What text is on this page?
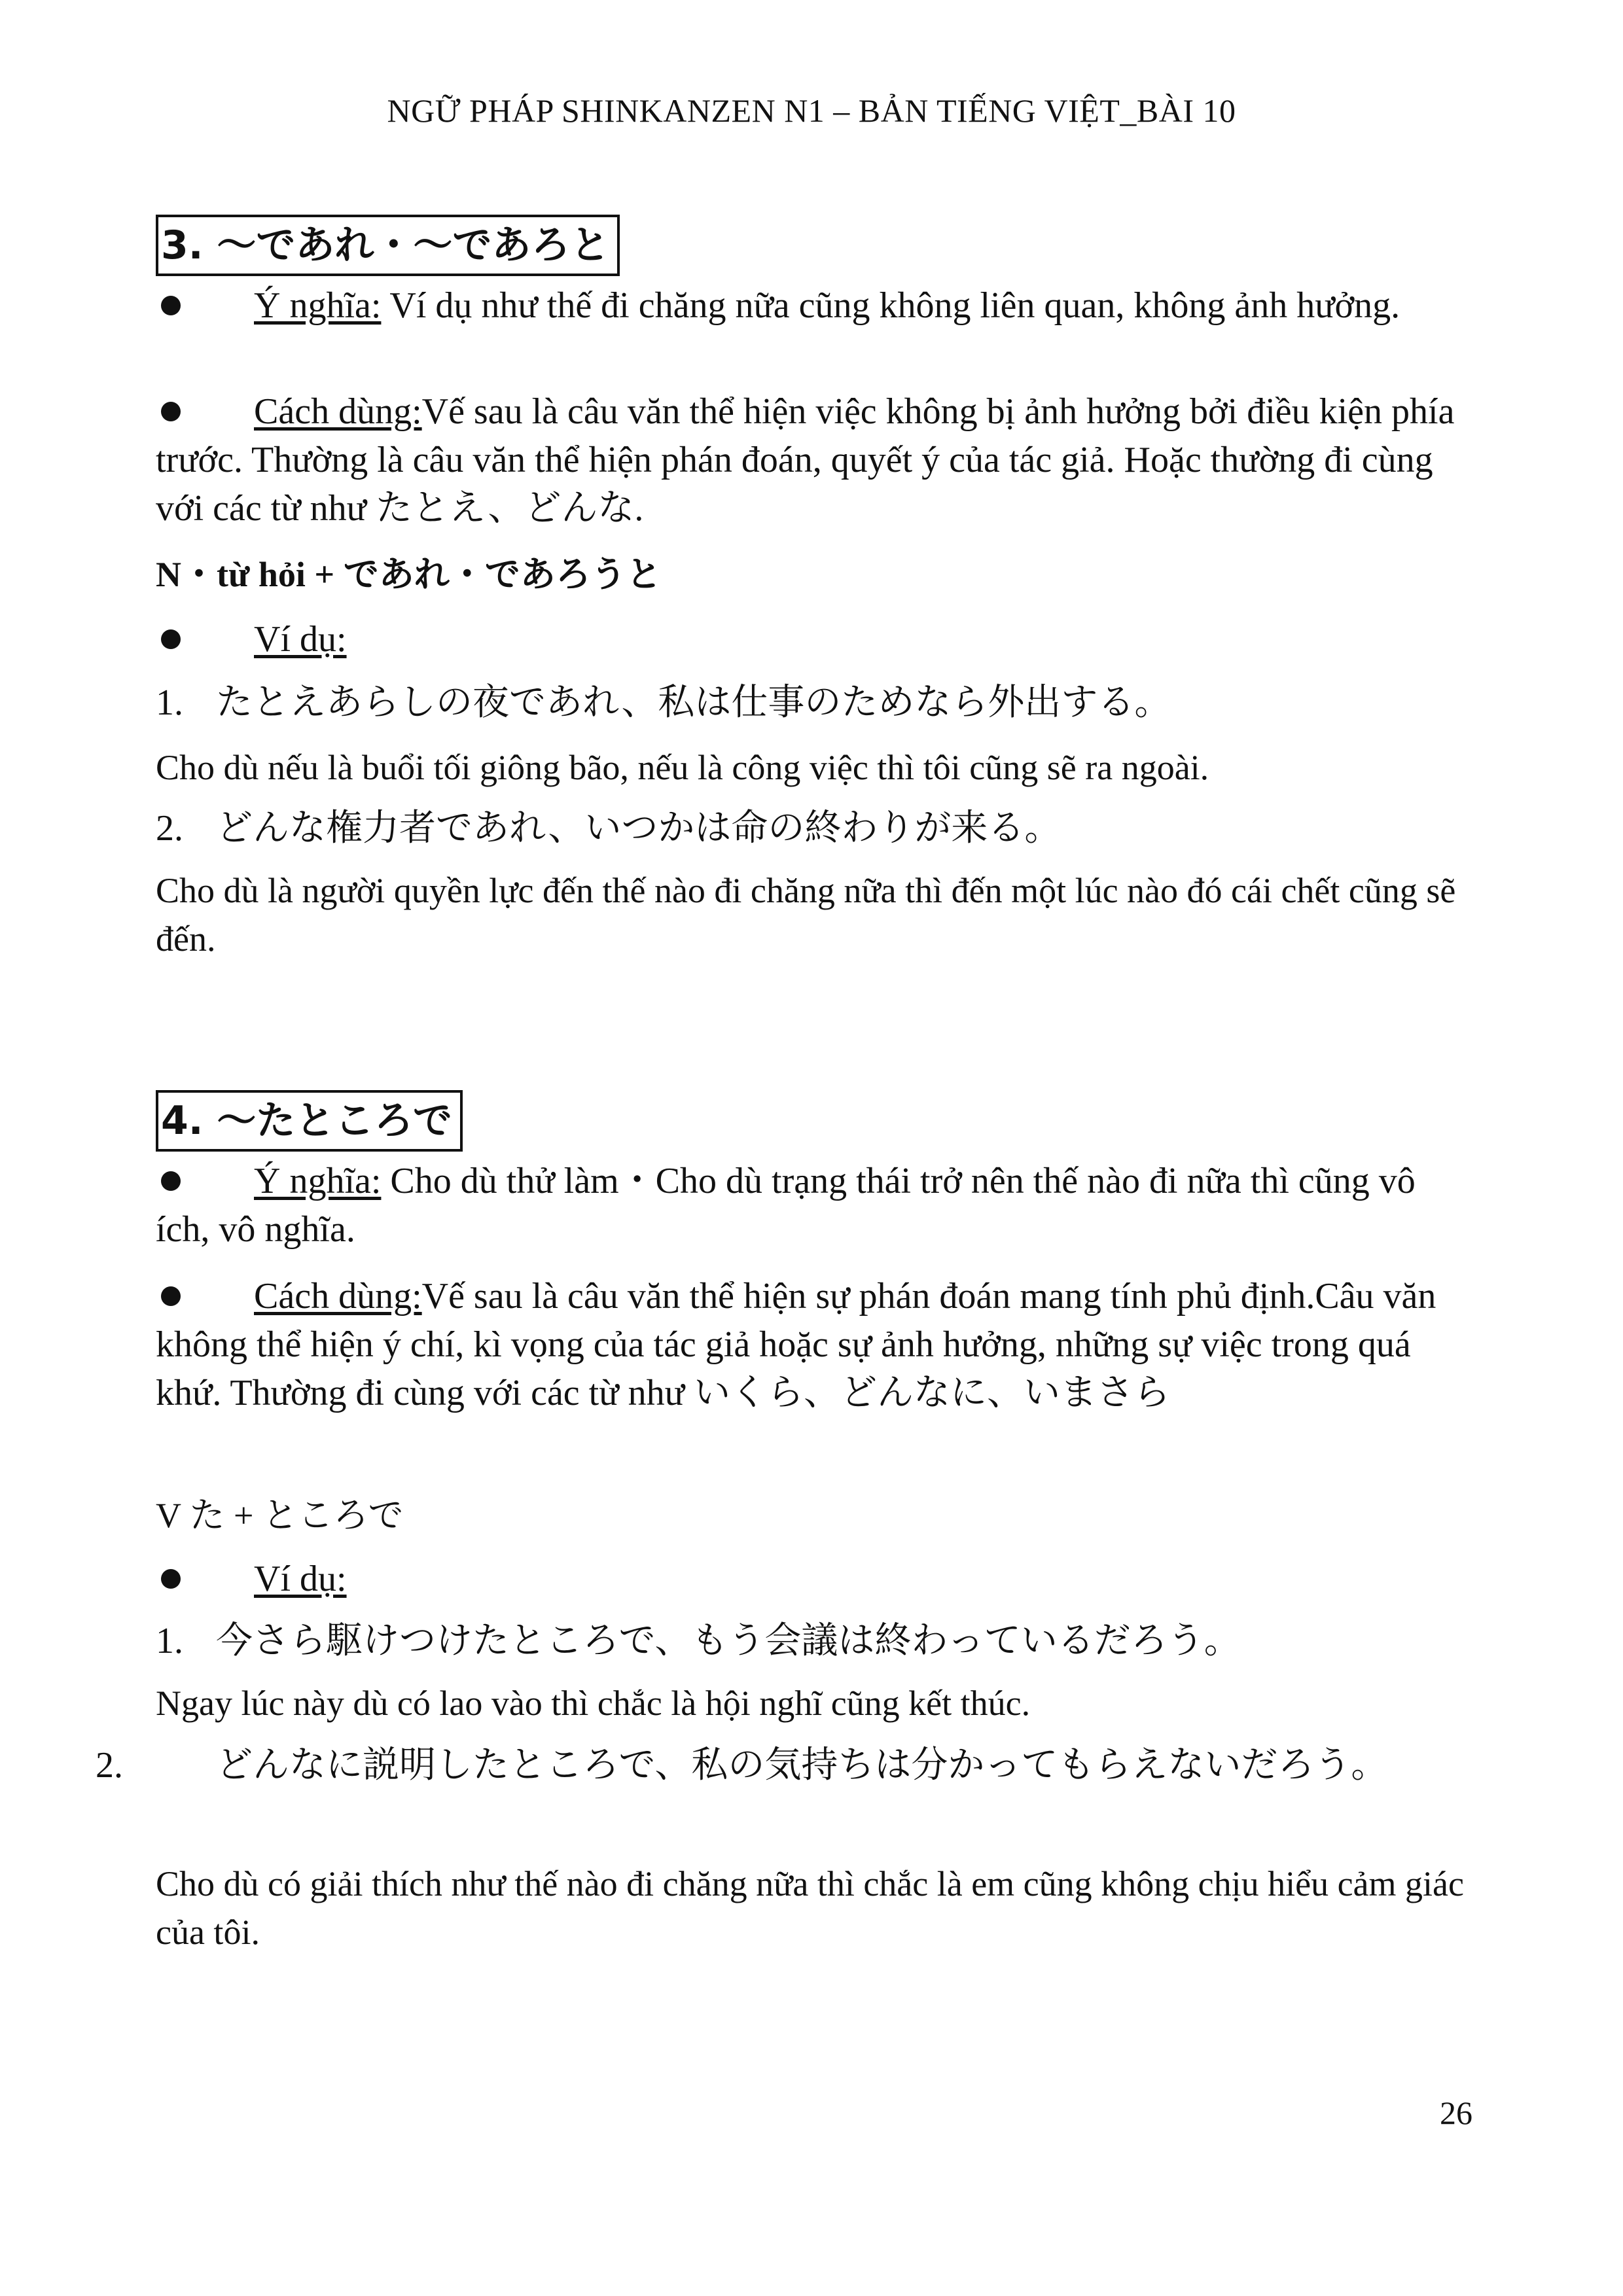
NGỮ PHÁP SHINKANZEN N1 – BẢN TIẾNG VIỆT_BÀI 10
3. ～であれ・～であろと
Ý nghĩa: Ví dụ như thế đi chăng nữa cũng không liên quan, không ảnh hưởng.
Cách dùng:Vế sau là câu văn thể hiện việc không bị ảnh hưởng bởi điều kiện phía trước. Thường là câu văn thể hiện phán đoán, quyết ý của tác giả. Hoặc thường đi cùng với các từ như たとえ、どんな.
N・từ hỏi + であれ・であろうと
Ví dụ:
1. たとえあらしの夜であれ、私は仕事のためなら外出する。
Cho dù nếu là buổi tối giông bão, nếu là công việc thì tôi cũng sẽ ra ngoài.
2. どんな権力者であれ、いつかは命の終わりが来る。
Cho dù là người quyền lực đến thế nào đi chăng nữa thì đến một lúc nào đó cái chết cũng sẽ đến.
4. ～たところで
Ý nghĩa: Cho dù thử làm・Cho dù trạng thái trở nên thế nào đi nữa thì cũng vô ích, vô nghĩa.
Cách dùng:Vế sau là câu văn thể hiện sự phán đoán mang tính phủ định.Câu văn không thể hiện ý chí, kì vọng của tác giả hoặc sự ảnh hưởng, những sự việc trong quá khứ. Thường đi cùng với các từ như いくら、どんなに、いまさら
V た + ところで
Ví dụ:
1. 今さら駆けつけたところで、もう会議は終わっているだろう。
Ngay lúc này dù có lao vào thì chắc là hội nghĩ cũng kết thúc.
2.	どんなに説明したところで、私の気持ちは分かってもらえないだろう。
Cho dù có giải thích như thế nào đi chăng nữa thì chắc là em cũng không chịu hiểu cảm giác của tôi.
26
